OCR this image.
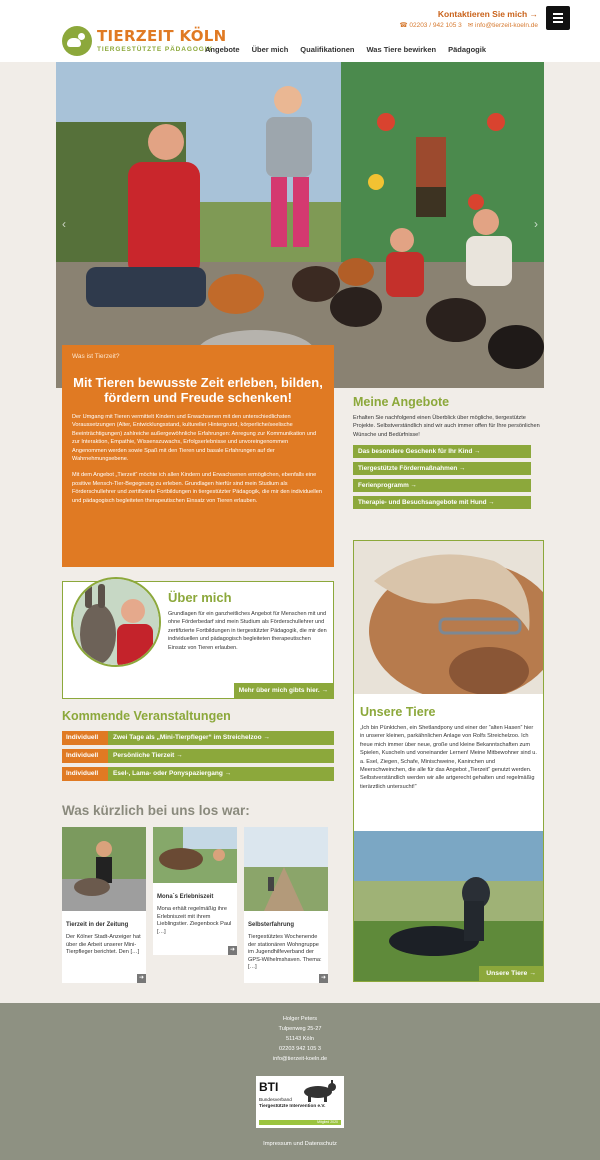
TIERZEIT KÖLN
TIERGESTÜTZTE PÄDAGOGIK
Kontaktieren Sie mich →
☎ 02203 / 942 105 3 ✉ info@tierzeit-koeln.de
Angebote Über mich Qualifikationen Was Tiere bewirken Pädagogik
‹	›
Was ist Tierzeit?
Mit Tieren bewusste Zeit erleben, bilden, fördern und Freude schenken!
Der Umgang mit Tieren vermittelt Kindern und Erwachsenen mit den unterschiedlichsten Voraussetzungen (Alter, Entwicklungsstand, kultureller Hintergrund, körperliche/seelische Beeinträchtigungen) zahlreiche außergewöhnliche Erfahrungen: Anregung zur Kommunikation und zur Interaktion, Empathie, Wissenszuwachs, Erfolgserlebnisse und unvoreingenommen Angenommen werden sowie Spaß mit den Tieren und basale Erfahrungen auf der Wahrnehmungsebene.
Mit dem Angebot „Tierzeit“ möchte ich allen Kindern und Erwachsenen ermöglichen, ebenfalls eine positive Mensch-Tier-Begegnung zu erleben. Grundlagen hierfür sind mein Studium als Förderschullehrer und zertifizierte Fortbildungen in tiergestützter Pädagogik, die mir den individuellen und pädagogisch begleiteten therapeutischen Einsatz von Tieren erlauben.
Meine Angebote
Erhalten Sie nachfolgend einen Überblick über mögliche, tiergestützte Projekte. Selbstverständlich sind wir auch immer offen für Ihre persönlichen Wünsche und Bedürfnisse!
Das besondere Geschenk für Ihr Kind →
Tiergestützte Fördermaßnahmen →
Ferienprogramm →
Therapie- und Besuchsangebote mit Hund →
Unsere Tiere
„Ich bin Pünktchen, ein Shetlandpony und einer der “alten Hasen” hier in unserer kleinen, parkähnlichen Anlage von Rolfs Streichelzoo. Ich freue mich immer über neue, große und kleine Bekanntschaften zum Spielen, Kuscheln und voneinander Lernen! Meine Mitbewohner sind u. a. Esel, Ziegen, Schafe, Minischweine, Kaninchen und Meerschweinchen, die alle für das Angebot „Tierzeit“ genutzt werden. Selbstverständlich werden wir alle artgerecht gehalten und regelmäßig tierärztlich untersucht!“
Unsere Tiere →
Über mich
Grundlagen für ein ganzheitliches Angebot für Menschen mit und ohne Förderbedarf sind mein Studium als Förderschullehrer und zertifizierte Fortbildungen in tiergestützter Pädagogik, die mir den individuellen und pädagogisch begleiteten therapeutischen Einsatz von Tieren erlauben.
Mehr über mich gibts hier. →
Kommende Veranstaltungen
Individuell	Zwei Tage als „Mini-Tierpfleger“ im Streichelzoo →
Individuell	Persönliche Tierzeit →
Individuell	Esel-, Lama- oder Ponyspaziergang →
Was kürzlich bei uns los war:
Tierzeit in der Zeitung
Der Kölner Stadt-Anzeiger hat über die Arbeit unserer Mini-Tierpfleger berichtet. Den […]
➜
Mona´s Erlebniszeit
Mona erhält regelmäßig ihre Erlebniszeit mit ihrem Lieblingstier. Ziegenbock Paul […]
➜
Selbsterfahrung
Tiergestütztes Wochenende der stationären Wohngruppe im Jugendhilfeverband der GPS-Wilhelmshaven. Thema: […]
➜
Holger Peters
Tulpenweg 25-27
51143 Köln
02203 942 105 3
info@tierzeit-koeln.de
BTI
Bundesverband
Tiergestützte Intervention e.V.
Mitglied 2020
Impressum und Datenschutz
